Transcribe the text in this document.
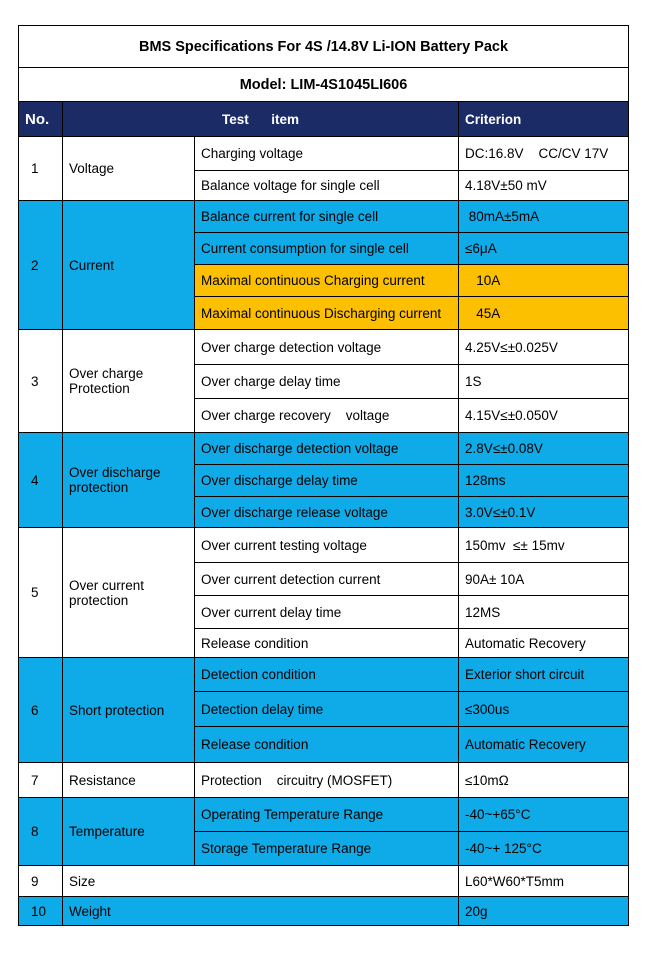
BMS Specifications For 4S /14.8V Li-ION Battery Pack			
Model: LIM-4S1045LI606			
No.	Test      item		Criterion
1	Voltage	Charging voltage	DC:16.8V    CC/CV 17V
		Balance voltage for single cell	4.18V±50 mV
2	Current	Balance current for single cell	80mA±5mA
		Current consumption for single cell	≤6μA
		Maximal continuous Charging current	10A
		Maximal continuous Discharging current	45A
3	Over charge Protection	Over charge detection voltage	4.25V≤±0.025V
		Over charge delay time	1S
		Over charge recovery    voltage	4.15V≤±0.050V
4	Over discharge protection	Over discharge detection voltage	2.8V≤±0.08V
		Over discharge delay time	128ms
		Over discharge release voltage	3.0V≤±0.1V
5	Over current protection	Over current testing voltage	150mv  ≤± 15mv
		Over current detection current	90A± 10A
		Over current delay time	12MS
		Release condition	Automatic Recovery
6	Short protection	Detection condition	Exterior short circuit
		Detection delay time	≤300us
		Release condition	Automatic Recovery
7	Resistance	Protection    circuitry (MOSFET)	≤10mΩ
8	Temperature	Operating Temperature Range	-40~+65°C
		Storage Temperature Range	-40~+ 125°C
9	Size		L60*W60*T5mm
10	Weight		20g
